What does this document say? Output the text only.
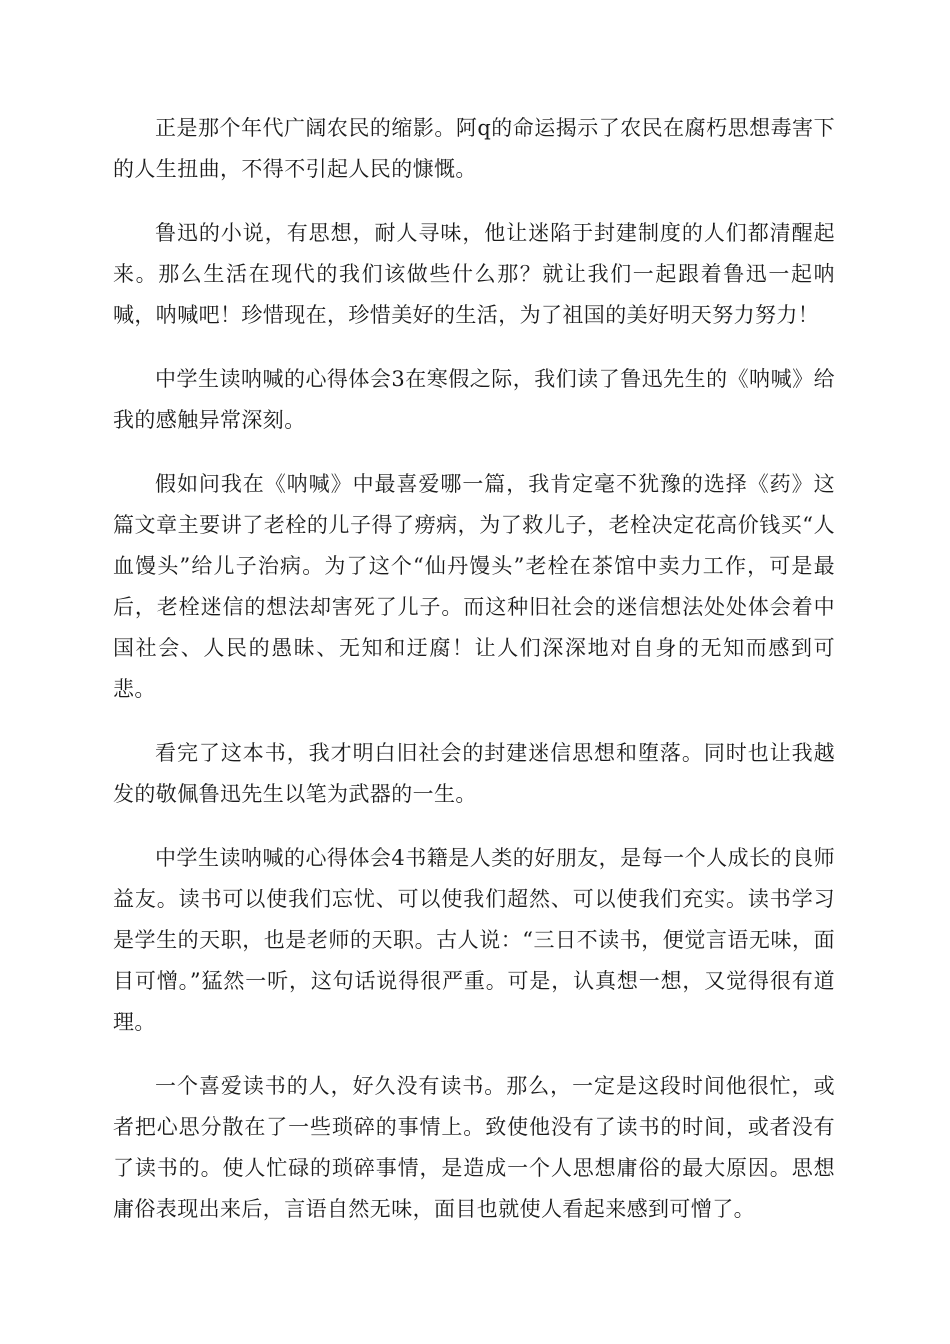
正是那个年代广阔农民的缩影。阿q的命运揭示了农民在腐朽思想毒害下的人生扭曲，不得不引起人民的慷慨。

鲁迅的小说，有思想，耐人寻味，他让迷陷于封建制度的人们都清醒起来。那么生活在现代的我们该做些什么那？就让我们一起跟着鲁迅一起呐喊，呐喊吧！珍惜现在，珍惜美好的生活，为了祖国的美好明天努力努力！

中学生读呐喊的心得体会3在寒假之际，我们读了鲁迅先生的《呐喊》给我的感触异常深刻。

假如问我在《呐喊》中最喜爱哪一篇，我肯定毫不犹豫的选择《药》这篇文章主要讲了老栓的儿子得了痨病，为了救儿子，老栓决定花高价钱买“人血馒头”给儿子治病。为了这个“仙丹馒头”老栓在茶馆中卖力工作，可是最后，老栓迷信的想法却害死了儿子。而这种旧社会的迷信想法处处体会着中国社会、人民的愚昧、无知和迂腐！让人们深深地对自身的无知而感到可悲。

看完了这本书，我才明白旧社会的封建迷信思想和堕落。同时也让我越发的敬佩鲁迅先生以笔为武器的一生。

中学生读呐喊的心得体会4书籍是人类的好朋友，是每一个人成长的良师益友。读书可以使我们忘忧、可以使我们超然、可以使我们充实。读书学习是学生的天职，也是老师的天职。古人说：“三日不读书，便觉言语无味，面目可憎。”猛然一听，这句话说得很严重。可是，认真想一想，又觉得很有道理。

一个喜爱读书的人，好久没有读书。那么，一定是这段时间他很忙，或者把心思分散在了一些琐碎的事情上。致使他没有了读书的时间，或者没有了读书的。使人忙碌的琐碎事情，是造成一个人思想庸俗的最大原因。思想庸俗表现出来后，言语自然无味，面目也就使人看起来感到可憎了。
